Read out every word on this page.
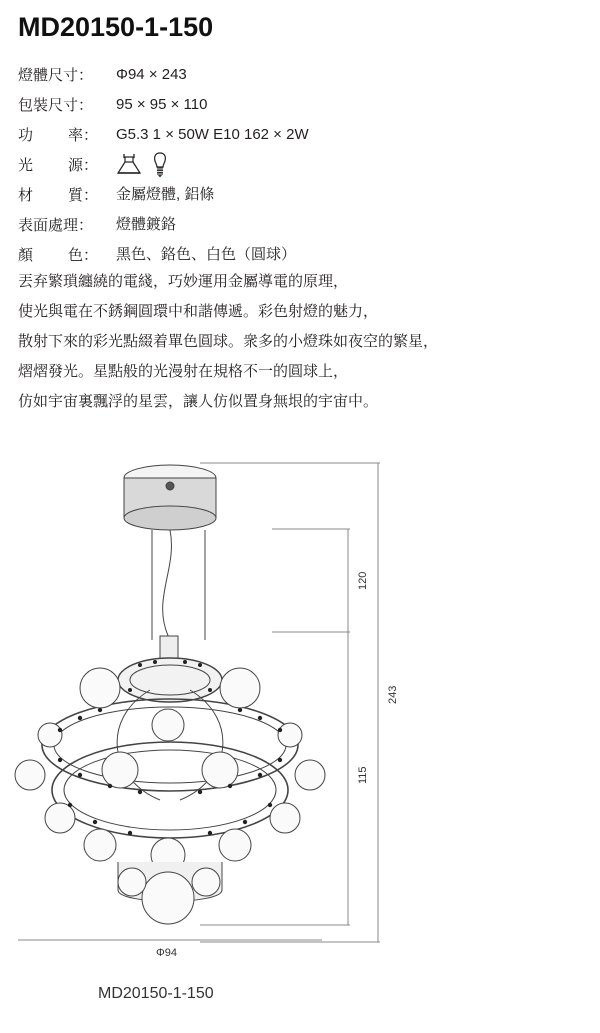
MD20150-1-150
燈體尺寸：	Φ94 × 243
包裝尺寸：	95 × 95 × 110
功 率： G5.3 1 × 50W E10 162 × 2W
光 源：
材 質： 金屬燈體, 鋁條
表面處理：	燈體鍍鉻
顏 色： 黑色、鉻色、白色（圓球）

丟弃繁瑣纏繞的電綫，巧妙運用金屬導電的原理，

使光與電在不銹鋼圓環中和諧傳遞。彩色射燈的魅力，

散射下來的彩光點綴着單色圓球。衆多的小燈珠如夜空的繁星，

熠熠發光。星點般的光漫射在規格不一的圓球上，

仿如宇宙裏飄浮的星雲，讓人仿似置身無垠的宇宙中。

120
243
115
Φ94
MD20150-1-150
